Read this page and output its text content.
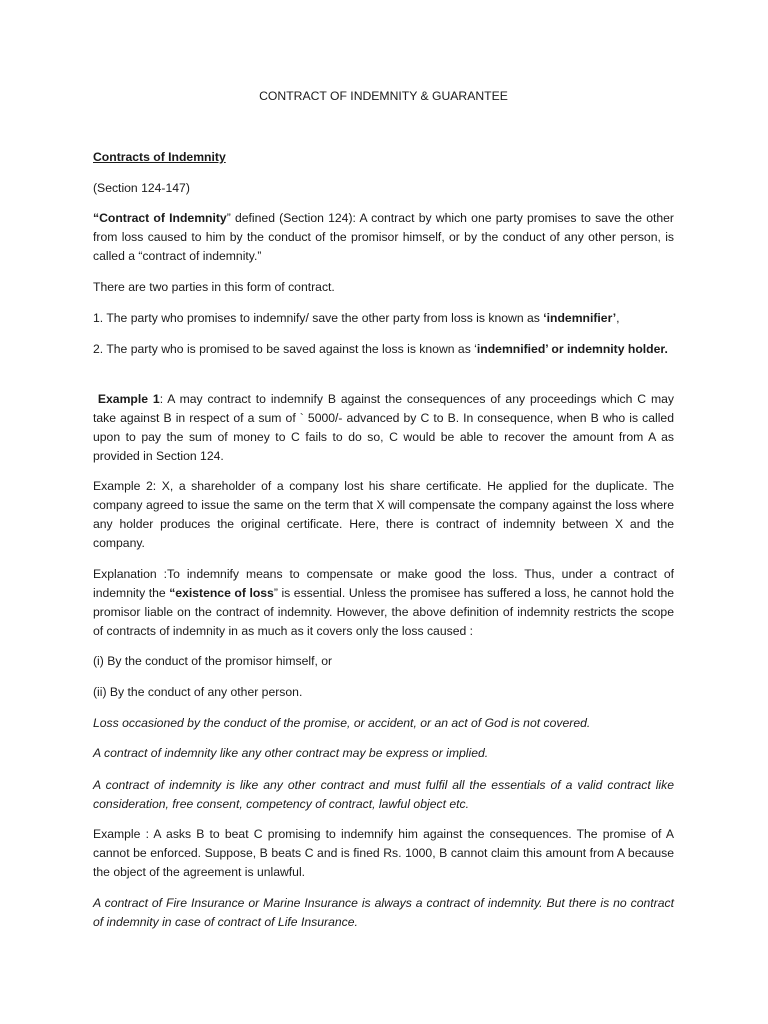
CONTRACT OF INDEMNITY & GUARANTEE

Contracts of Indemnity

(Section 124-147)

“Contract of Indemnity” defined (Section 124): A contract by which one party promises to save the other from loss caused to him by the conduct of the promisor himself, or by the conduct of any other person, is called a “contract of indemnity.”

There are two parties in this form of contract.

1. The party who promises to indemnify/ save the other party from loss is known as ‘indemnifier’,

2. The party who is promised to be saved against the loss is known as ‘indemnified’ or indemnity holder.

Example 1: A may contract to indemnify B against the consequences of any proceedings which C may take against B in respect of a sum of ` 5000/- advanced by C to B. In consequence, when B who is called upon to pay the sum of money to C fails to do so, C would be able to recover the amount from A as provided in Section 124.

Example 2: X, a shareholder of a company lost his share certificate. He applied for the duplicate. The company agreed to issue the same on the term that X will compensate the company against the loss where any holder produces the original certificate. Here, there is contract of indemnity between X and the company.

Explanation :To indemnify means to compensate or make good the loss. Thus, under a contract of indemnity the “existence of loss” is essential. Unless the promisee has suffered a loss, he cannot hold the promisor liable on the contract of indemnity. However, the above definition of indemnity restricts the scope of contracts of indemnity in as much as it covers only the loss caused :

(i) By the conduct of the promisor himself, or

(ii) By the conduct of any other person.

Loss occasioned by the conduct of the promise, or accident, or an act of God is not covered.

A contract of indemnity like any other contract may be express or implied.

A contract of indemnity is like any other contract and must fulfil all the essentials of a valid contract like consideration, free consent, competency of contract, lawful object etc.

Example : A asks B to beat C promising to indemnify him against the consequences. The promise of A cannot be enforced. Suppose, B beats C and is fined Rs. 1000, B cannot claim this amount from A because the object of the agreement is unlawful.

A contract of Fire Insurance or Marine Insurance is always a contract of indemnity. But there is no contract of indemnity in case of contract of Life Insurance.
